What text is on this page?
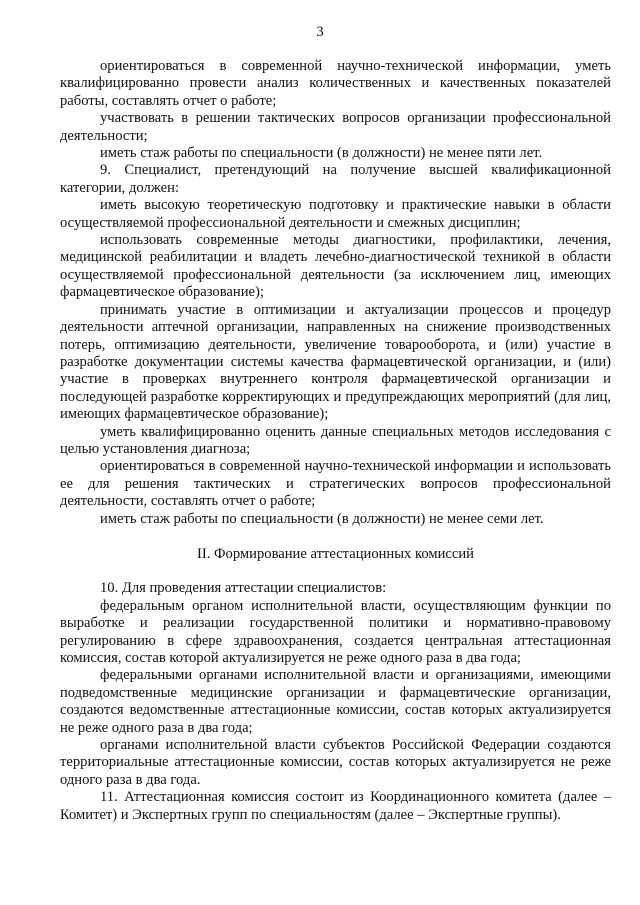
3

ориентироваться в современной научно-технической информации, уметь квалифицированно провести анализ количественных и качественных показателей работы, составлять отчет о работе;

участвовать в решении тактических вопросов организации профессиональной деятельности;

иметь стаж работы по специальности (в должности) не менее пяти лет.

9. Специалист, претендующий на получение высшей квалификационной категории, должен:

иметь высокую теоретическую подготовку и практические навыки в области осуществляемой профессиональной деятельности и смежных дисциплин;

использовать современные методы диагностики, профилактики, лечения, медицинской реабилитации и владеть лечебно-диагностической техникой в области осуществляемой профессиональной деятельности (за исключением лиц, имеющих фармацевтическое образование);

принимать участие в оптимизации и актуализации процессов и процедур деятельности аптечной организации, направленных на снижение производственных потерь, оптимизацию деятельности, увеличение товарооборота, и (или) участие в разработке документации системы качества фармацевтической организации, и (или) участие в проверках внутреннего контроля фармацевтической организации и последующей разработке корректирующих и предупреждающих мероприятий (для лиц, имеющих фармацевтическое образование);

уметь квалифицированно оценить данные специальных методов исследования с целью установления диагноза;

ориентироваться в современной научно-технической информации и использовать ее для решения тактических и стратегических вопросов профессиональной деятельности, составлять отчет о работе;

иметь стаж работы по специальности (в должности) не менее семи лет.

II. Формирование аттестационных комиссий

10. Для проведения аттестации специалистов:

федеральным органом исполнительной власти, осуществляющим функции по выработке и реализации государственной политики и нормативно-правовому регулированию в сфере здравоохранения, создается центральная аттестационная комиссия, состав которой актуализируется не реже одного раза в два года;

федеральными органами исполнительной власти и организациями, имеющими подведомственные медицинские организации и фармацевтические организации, создаются ведомственные аттестационные комиссии, состав которых актуализируется не реже одного раза в два года;

органами исполнительной власти субъектов Российской Федерации создаются территориальные аттестационные комиссии, состав которых актуализируется не реже одного раза в два года.

11. Аттестационная комиссия состоит из Координационного комитета (далее – Комитет) и Экспертных групп по специальностям (далее – Экспертные группы).
